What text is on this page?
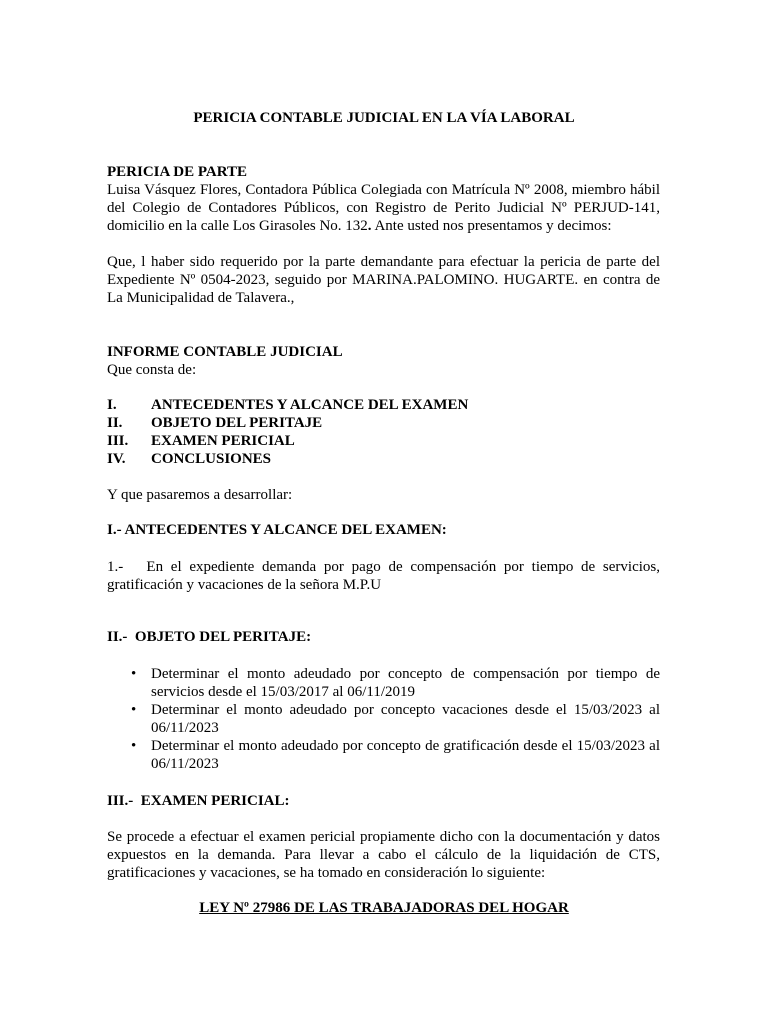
PERICIA CONTABLE JUDICIAL EN LA VÍA LABORAL
PERICIA DE PARTE
Luisa Vásquez Flores, Contadora Pública Colegiada con Matrícula Nº 2008, miembro hábil del Colegio de Contadores Públicos, con Registro de Perito Judicial Nº PERJUD-141, domicilio en la calle Los Girasoles No. 132. Ante usted nos presentamos y decimos:
Que, l haber sido requerido por la parte demandante para efectuar la pericia de parte del Expediente Nº 0504-2023, seguido por MARINA.PALOMINO. HUGARTE. en contra de La Municipalidad de Talavera.,
INFORME CONTABLE JUDICIAL
Que consta de:
I. ANTECEDENTES Y ALCANCE DEL EXAMEN
II. OBJETO DEL PERITAJE
III. EXAMEN PERICIAL
IV. CONCLUSIONES
Y que pasaremos a desarrollar:
I.- ANTECEDENTES Y ALCANCE DEL EXAMEN:
1.-   En el expediente demanda por pago de compensación por tiempo de servicios, gratificación y vacaciones de la señora M.P.U
II.-  OBJETO DEL PERITAJE:
• Determinar el monto adeudado por concepto de compensación por tiempo de servicios desde el 15/03/2017 al 06/11/2019
• Determinar el monto adeudado por concepto vacaciones desde el 15/03/2023 al 06/11/2023
• Determinar el monto adeudado por concepto de gratificación desde el 15/03/2023 al 06/11/2023
III.-  EXAMEN PERICIAL:
Se procede a efectuar el examen pericial propiamente dicho con la documentación y datos expuestos en la demanda. Para llevar a cabo el cálculo de la liquidación de CTS, gratificaciones y vacaciones, se ha tomado en consideración lo siguiente:
LEY Nº 27986 DE LAS TRABAJADORAS DEL HOGAR
